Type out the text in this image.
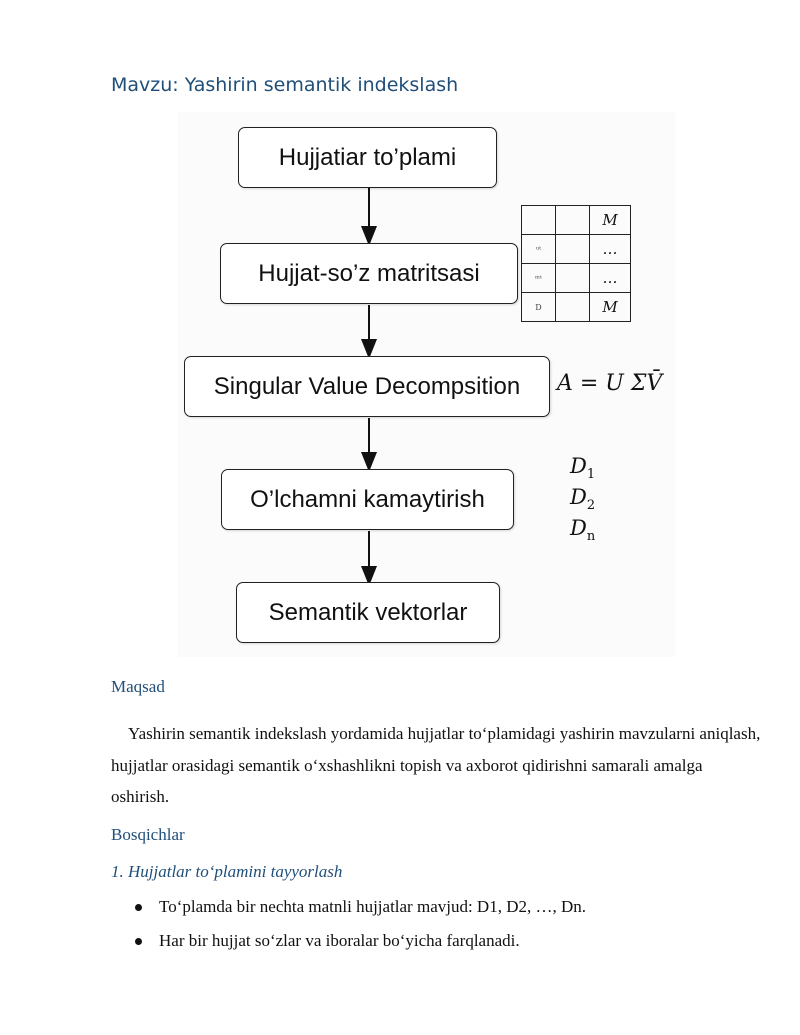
Mavzu: Yashirin semantik indekslash
Hujjatiar to’plami
Hujjat-so’z matritsasi
Singular Value Decompsition
O’lchamni kamaytirish
Semantik vektorlar
		M
ᵘᵗ		…
ᵐᵗ		…
D		M
A = U ΣV̄
$D_1$
$D_2$
$D_n$
Maqsad

 Yashirin semantik indekslash yordamida hujjatlar to‘plamidagi yashirin mavzularni aniqlash, hujjatlar orasidagi semantik o‘xshashlikni topish va axborot qidirishni samarali amalga oshirish.

Bosqichlar
1. Hujjatlar to‘plamini tayyorlash
To‘plamda bir nechta matnli hujjatlar mavjud: D1, D2, …, Dn.
Har bir hujjat so‘zlar va iboralar bo‘yicha farqlanadi.
